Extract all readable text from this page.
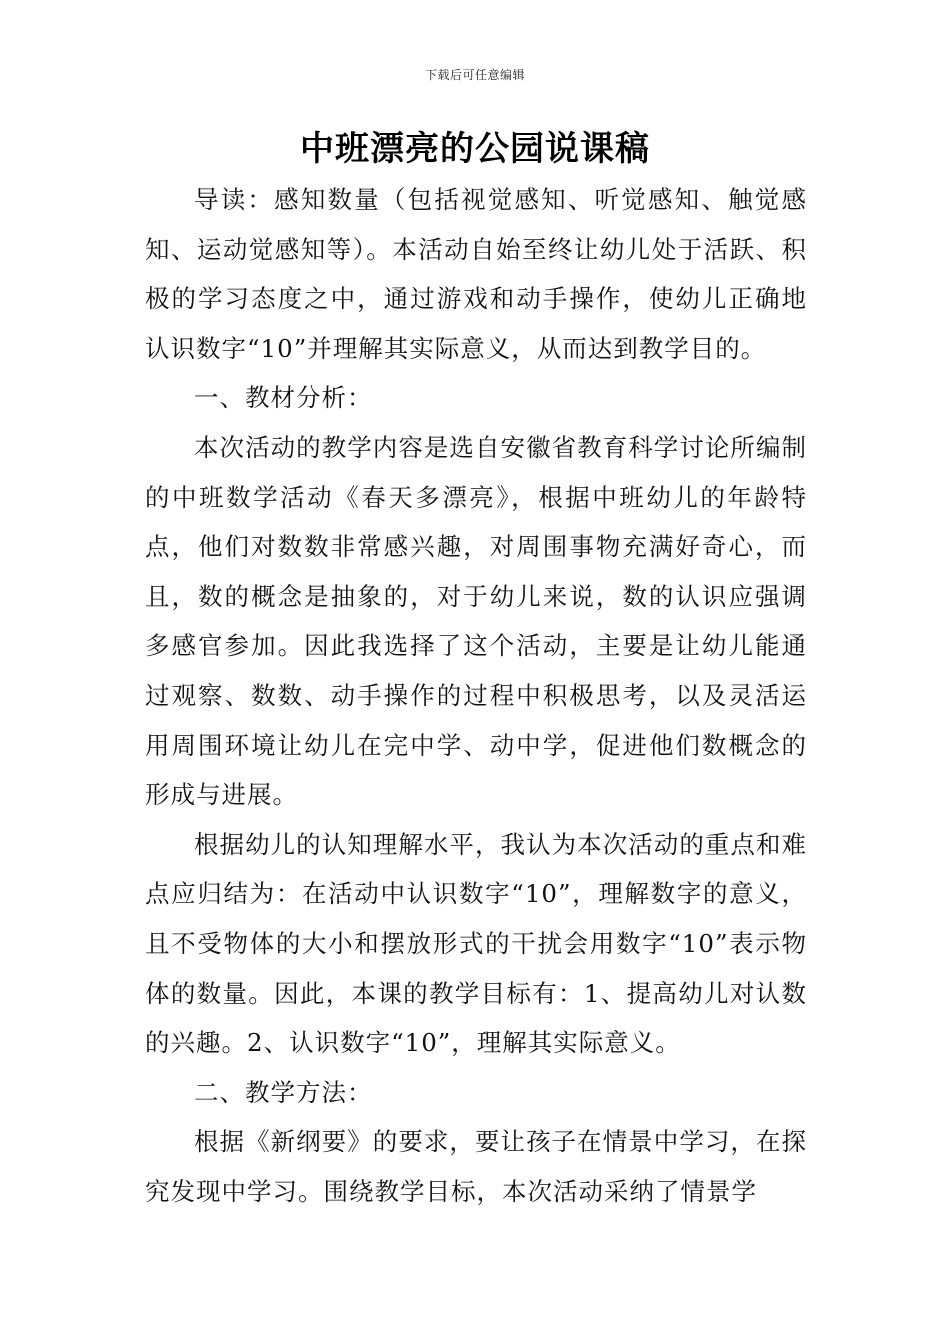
下载后可任意编辑
中班漂亮的公园说课稿

导读：感知数量（包括视觉感知、听觉感知、触觉感知、运动觉感知等）。本活动自始至终让幼儿处于活跃、积极的学习态度之中，通过游戏和动手操作，使幼儿正确地认识数字“10”并理解其实际意义，从而达到教学目的。

一、教材分析：

本次活动的教学内容是选自安徽省教育科学讨论所编制的中班数学活动《春天多漂亮》，根据中班幼儿的年龄特点，他们对数数非常感兴趣，对周围事物充满好奇心，而且，数的概念是抽象的，对于幼儿来说，数的认识应强调多感官参加。因此我选择了这个活动，主要是让幼儿能通过观察、数数、动手操作的过程中积极思考，以及灵活运用周围环境让幼儿在完中学、动中学，促进他们数概念的形成与进展。

根据幼儿的认知理解水平，我认为本次活动的重点和难点应归结为：在活动中认识数字“10”，理解数字的意义，且不受物体的大小和摆放形式的干扰会用数字“10”表示物体的数量。因此，本课的教学目标有：1、提高幼儿对认数的兴趣。2、认识数字“10”，理解其实际意义。

二、教学方法：

根据《新纲要》的要求，要让孩子在情景中学习，在探究发现中学习。围绕教学目标，本次活动采纳了情景学
